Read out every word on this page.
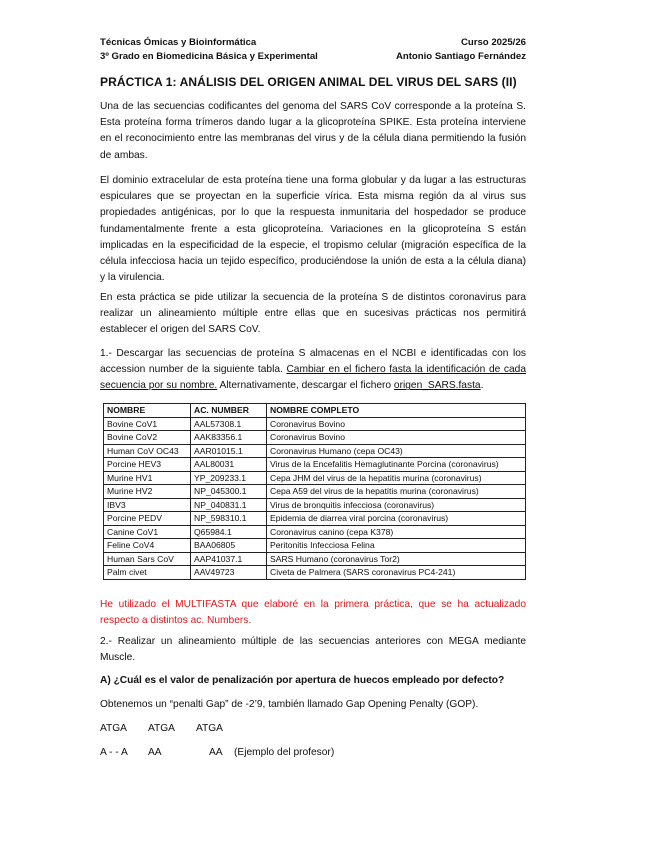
Técnicas Ómicas y Bioinformática	Curso 2025/26
3º Grado en Biomedicina Básica y Experimental	Antonio Santiago Fernández
PRÁCTICA 1: ANÁLISIS DEL ORIGEN ANIMAL DEL VIRUS DEL SARS (II)

Una de las secuencias codificantes del genoma del SARS CoV corresponde a la proteína S. Esta proteína forma trímeros dando lugar a la glicoproteína SPIKE. Esta proteína interviene en el reconocimiento entre las membranas del virus y de la célula diana permitiendo la fusión de ambas.

El dominio extracelular de esta proteína tiene una forma globular y da lugar a las estructuras espiculares que se proyectan en la superficie vírica. Esta misma región da al virus sus propiedades antigénicas, por lo que la respuesta inmunitaria del hospedador se produce fundamentalmente frente a esta glicoproteína. Variaciones en la glicoproteína S están implicadas en la especificidad de la especie, el tropismo celular (migración específica de la célula infecciosa hacia un tejido específico, produciéndose la unión de esta a la célula diana) y la virulencia.

En esta práctica se pide utilizar la secuencia de la proteína S de distintos coronavirus para realizar un alineamiento múltiple entre ellas que en sucesivas prácticas nos permitirá establecer el origen del SARS CoV.

1.- Descargar las secuencias de proteína S almacenas en el NCBI e identificadas con los accession number de la siguiente tabla. Cambiar en el fichero fasta la identificación de cada secuencia por su nombre. Alternativamente, descargar el fichero origen_SARS.fasta.

NOMBRE	AC. NUMBER	NOMBRE COMPLETO
Bovine CoV1	AAL57308.1	Coronavirus Bovino
Bovine CoV2	AAK83356.1	Coronavirus Bovino
Human CoV OC43	AAR01015.1	Coronavirus Humano (cepa OC43)
Porcine HEV3	AAL80031	Virus de la Encefalitis Hemaglutinante Porcina (coronavirus)
Murine HV1	YP_209233.1	Cepa JHM del virus de la hepatitis murina (coronavirus)
Murine HV2	NP_045300.1	Cepa A59 del virus de la hepatitis murina (coronavirus)
IBV3	NP_040831.1	Virus de bronquitis infecciosa (coronavirus)
Porcine PEDV	NP_598310.1	Epidemia de diarrea viral porcina (coronavirus)
Canine CoV1	Q65984.1	Coronavirus canino (cepa K378)
Feline CoV4	BAA06805	Peritonitis Infecciosa Felina
Human Sars CoV	AAP41037.1	SARS Humano (coronavirus Tor2)
Palm civet	AAV49723	Civeta de Palmera (SARS coronavirus PC4-241)

He utilizado el MULTIFASTA que elaboré en la primera práctica, que se ha actualizado respecto a distintos ac. Numbers.

2.- Realizar un alineamiento múltiple de las secuencias anteriores con MEGA mediante Muscle.

A) ¿Cuál es el valor de penalización por apertura de huecos empleado por defecto?
Obtenemos un “penalti Gap” de -2’9, también llamado Gap Opening Penalty (GOP).
ATGA ATGA ATGA
A - - A AA	AA (Ejemplo del profesor)
